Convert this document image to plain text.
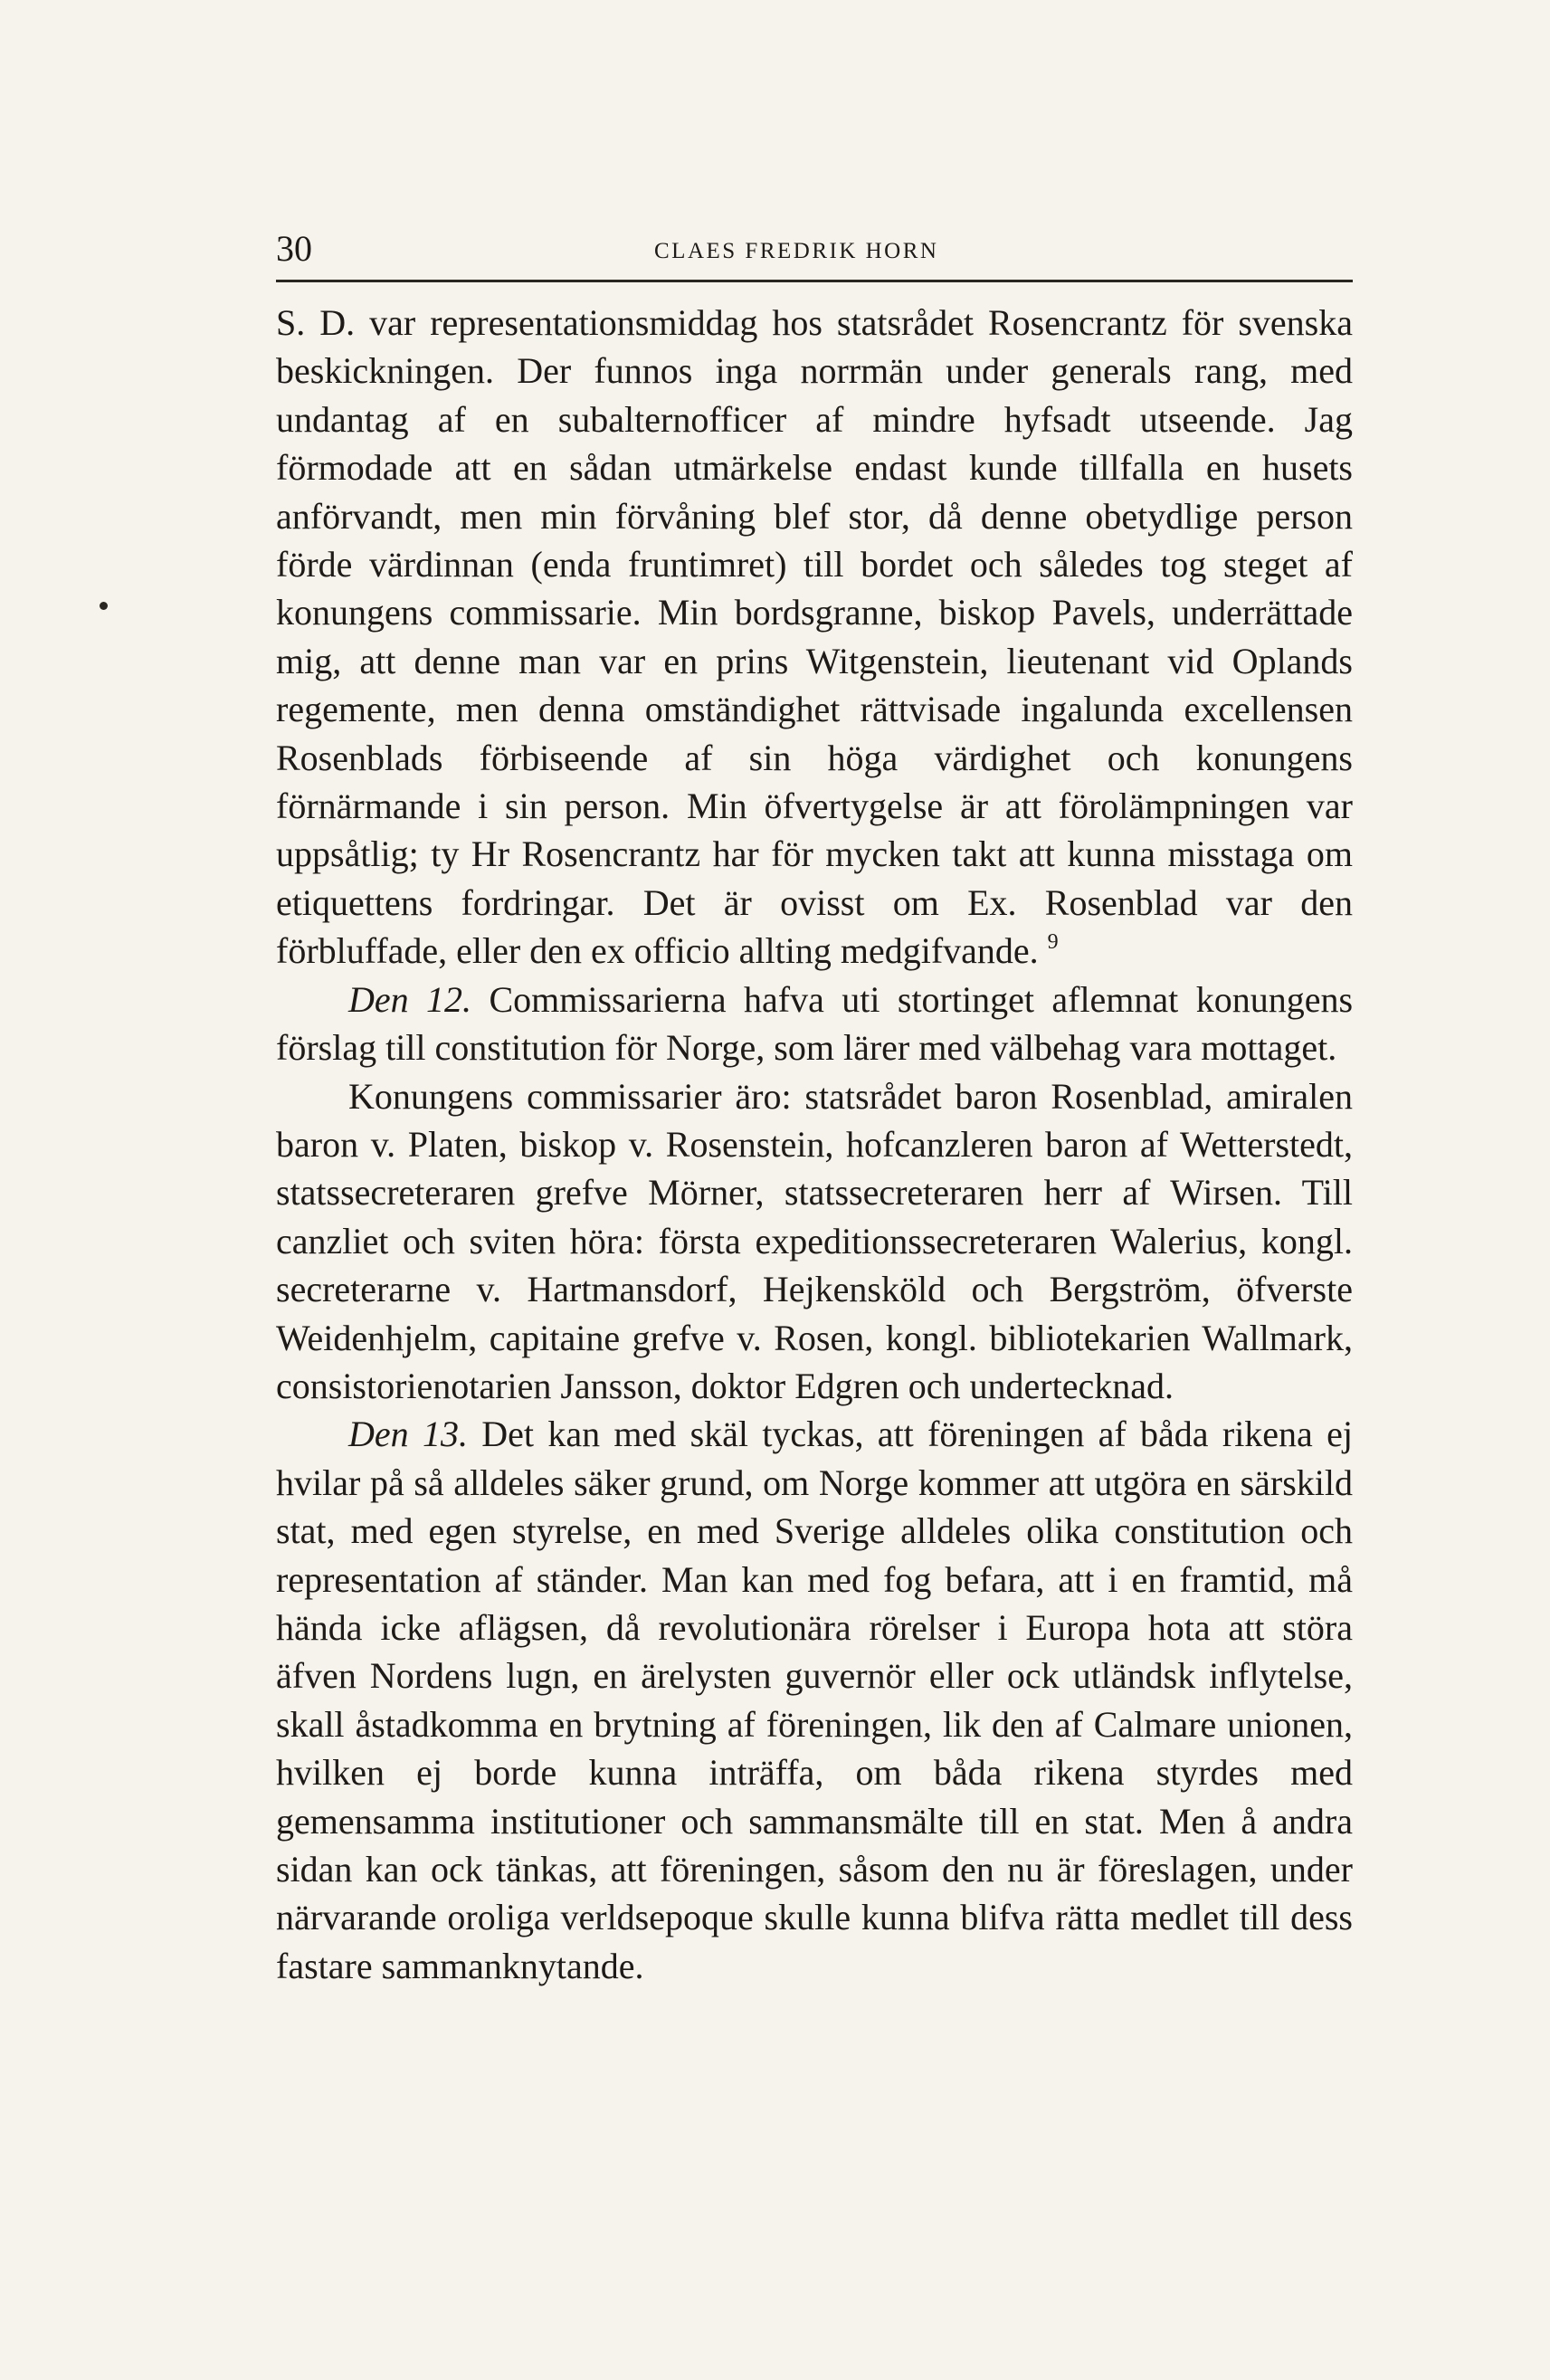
30	CLAES FREDRIK HORN

S. D. var representationsmiddag hos statsrådet Rosencrantz för svenska beskickningen. Der funnos inga norrmän under generals rang, med undantag af en subalternofficer af mindre hyfsadt utseende. Jag förmodade att en sådan utmärkelse endast kunde tillfalla en husets anförvandt, men min förvåning blef stor, då denne obetydlige person förde värdinnan (enda fruntimret) till bordet och således tog steget af konungens commissarie. Min bordsgranne, biskop Pavels, underrättade mig, att denne man var en prins Witgenstein, lieutenant vid Oplands regemente, men denna omständighet rättvisade ingalunda excellensen Rosenblads förbiseende af sin höga värdighet och konungens förnärmande i sin person. Min öfvertygelse är att förolämpningen var uppsåtlig; ty Hr Rosencrantz har för mycken takt att kunna misstaga om etiquettens fordringar. Det är ovisst om Ex. Rosenblad var den förbluffade, eller den ex officio allting medgifvande. $^9$

Den 12. Commissarierna hafva uti stortinget aflemnat konungens förslag till constitution för Norge, som lärer med välbehag vara mottaget.

Konungens commissarier äro: statsrådet baron Rosenblad, amiralen baron v. Platen, biskop v. Rosenstein, hofcanzleren baron af Wetterstedt, statssecreteraren grefve Mörner, statssecreteraren herr af Wirsen. Till canzliet och sviten höra: första expeditionssecreteraren Walerius, kongl. secreterarne v. Hartmansdorf, Hejkensköld och Bergström, öfverste Weidenhjelm, capitaine grefve v. Rosen, kongl. bibliotekarien Wallmark, consistorienotarien Jansson, doktor Edgren och undertecknad.

Den 13. Det kan med skäl tyckas, att föreningen af båda rikena ej hvilar på så alldeles säker grund, om Norge kommer att utgöra en särskild stat, med egen styrelse, en med Sverige alldeles olika constitution och representation af ständer. Man kan med fog befara, att i en framtid, må hända icke aflägsen, då revolutionära rörelser i Europa hota att störa äfven Nordens lugn, en ärelysten guvernör eller ock utländsk inflytelse, skall åstadkomma en brytning af föreningen, lik den af Calmare unionen, hvilken ej borde kunna inträffa, om båda rikena styrdes med gemensamma institutioner och sammansmälte till en stat. Men å andra sidan kan ock tänkas, att föreningen, såsom den nu är föreslagen, under närvarande oroliga verldsepoque skulle kunna blifva rätta medlet till dess fastare sammanknytande.
